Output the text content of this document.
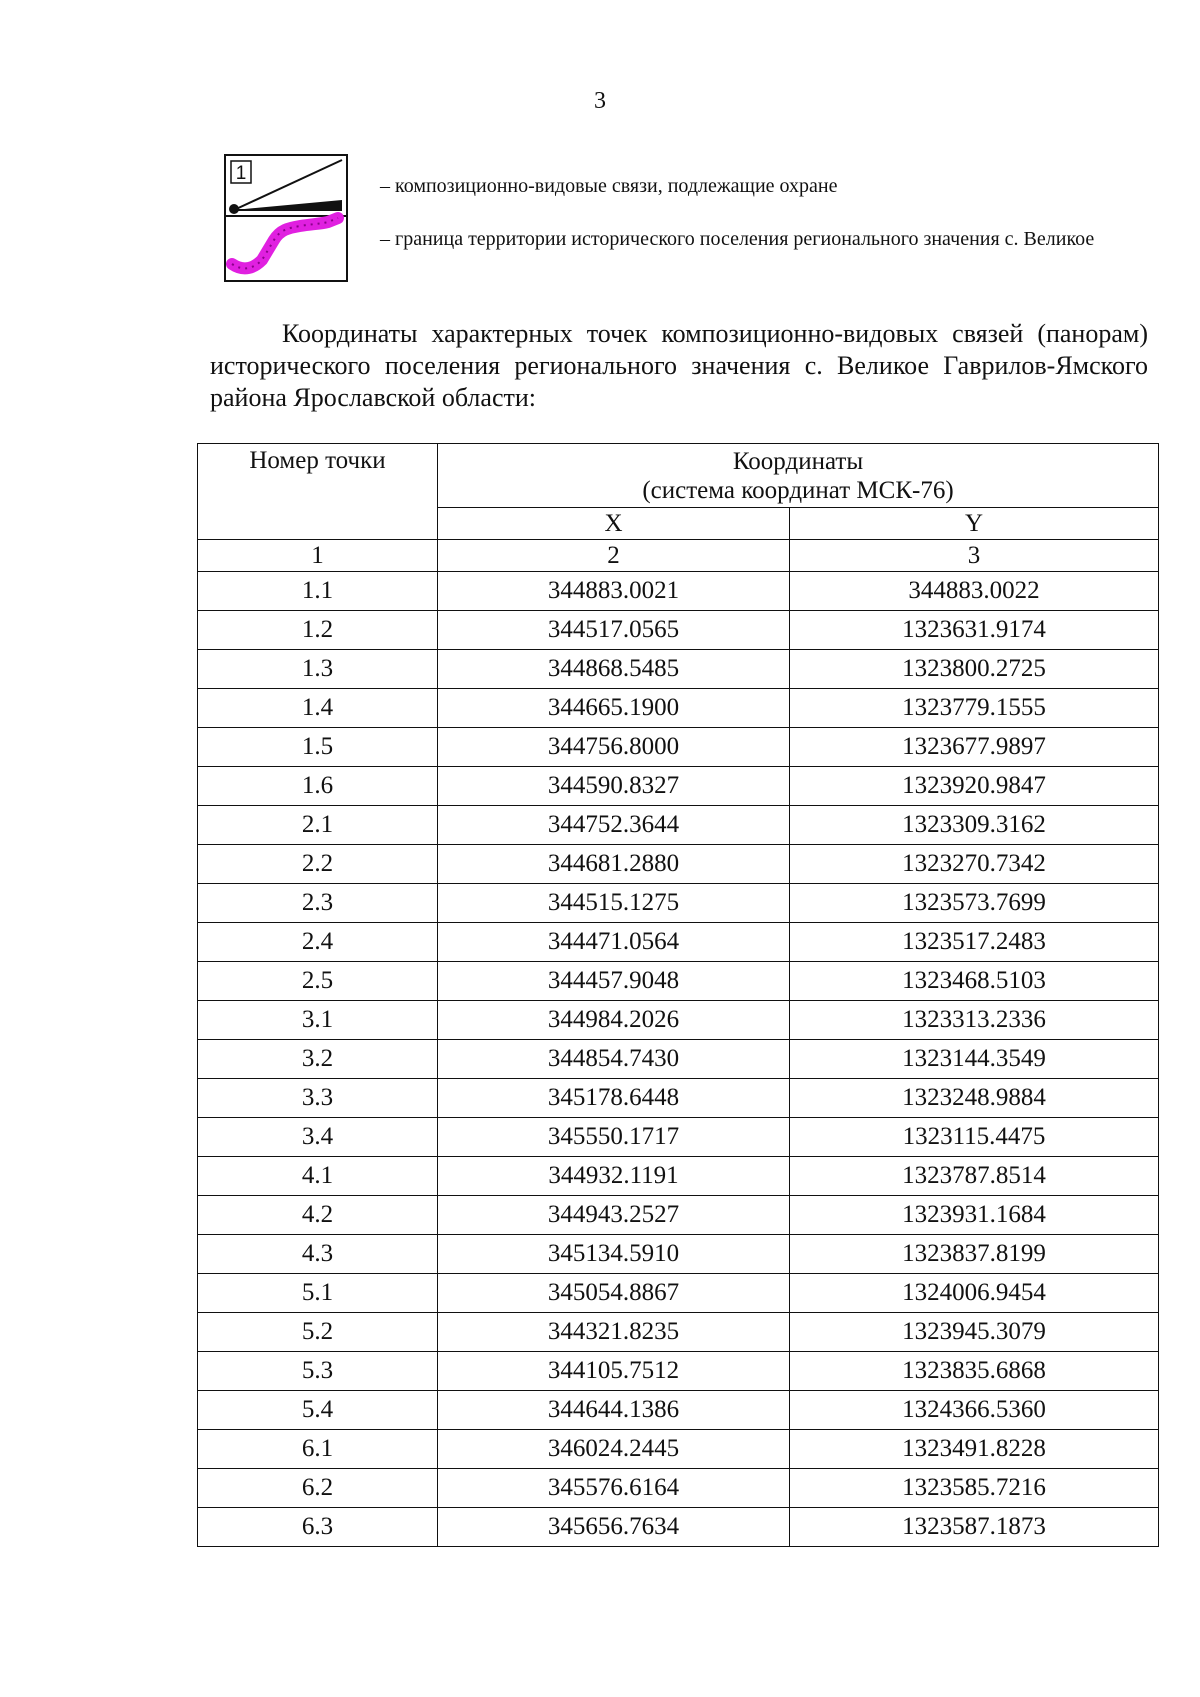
3
1
– композиционно-видовые связи, подлежащие охране
– граница территории исторического поселения регионального значения с. Великое

Координаты характерных точек композиционно-видовых связей (панорам) исторического поселения регионального значения с. Великое Гаврилов-Ямского района Ярославской области:

Номер точки	Координаты
(система координат МСК-76)	

	X	Y
1	2	3
1.1	344883.0021	344883.0022
1.2	344517.0565	1323631.9174
1.3	344868.5485	1323800.2725
1.4	344665.1900	1323779.1555
1.5	344756.8000	1323677.9897
1.6	344590.8327	1323920.9847
2.1	344752.3644	1323309.3162
2.2	344681.2880	1323270.7342
2.3	344515.1275	1323573.7699
2.4	344471.0564	1323517.2483
2.5	344457.9048	1323468.5103
3.1	344984.2026	1323313.2336
3.2	344854.7430	1323144.3549
3.3	345178.6448	1323248.9884
3.4	345550.1717	1323115.4475
4.1	344932.1191	1323787.8514
4.2	344943.2527	1323931.1684
4.3	345134.5910	1323837.8199
5.1	345054.8867	1324006.9454
5.2	344321.8235	1323945.3079
5.3	344105.7512	1323835.6868
5.4	344644.1386	1324366.5360
6.1	346024.2445	1323491.8228
6.2	345576.6164	1323585.7216
6.3	345656.7634	1323587.1873
